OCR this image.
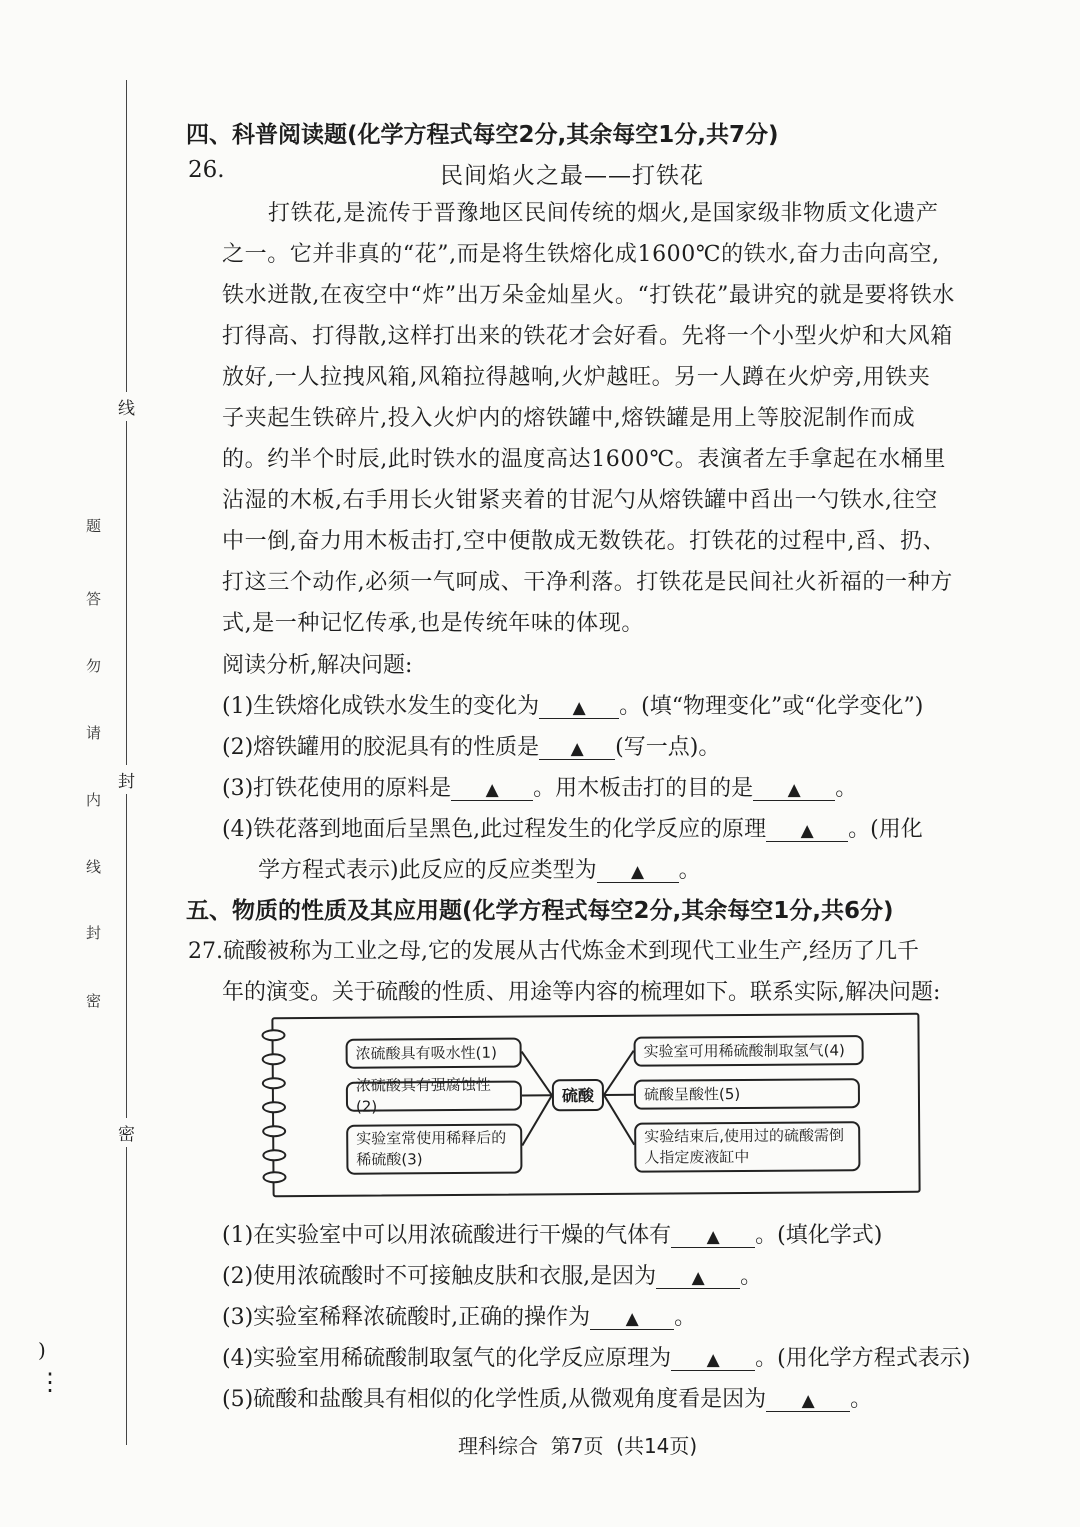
密
封
线
内
请
勿
答
题
线
封
密
)
⋮
四、科普阅读题(化学方程式每空2分,其余每空1分,共7分)
26.	民间焰火之最——打铁花
打铁花,是流传于晋豫地区民间传统的烟火,是国家级非物质文化遗产
之一。它并非真的“花”,而是将生铁熔化成1600℃的铁水,奋力击向高空,
铁水迸散,在夜空中“炸”出万朵金灿星火。“打铁花”最讲究的就是要将铁水
打得高、打得散,这样打出来的铁花才会好看。先将一个小型火炉和大风箱
放好,一人拉拽风箱,风箱拉得越响,火炉越旺。另一人蹲在火炉旁,用铁夹
子夹起生铁碎片,投入火炉内的熔铁罐中,熔铁罐是用上等胶泥制作而成
的。约半个时辰,此时铁水的温度高达1600℃。表演者左手拿起在水桶里
沾湿的木板,右手用长火钳紧夹着的甘泥勺从熔铁罐中舀出一勺铁水,往空
中一倒,奋力用木板击打,空中便散成无数铁花。打铁花的过程中,舀、扔、
打这三个动作,必须一气呵成、干净利落。打铁花是民间社火祈福的一种方
式,是一种记忆传承,也是传统年味的体现。
阅读分析,解决问题:
(1)生铁熔化成铁水发生的变化为 ▲ 。(填“物理变化”或“化学变化”)
(2)熔铁罐用的胶泥具有的性质是 ▲ (写一点)。
(3)打铁花使用的原料是 ▲ 。用木板击打的目的是 ▲ 。
(4)铁花落到地面后呈黑色,此过程发生的化学反应的原理 ▲ 。(用化
学方程式表示)此反应的反应类型为 ▲ 。
五、物质的性质及其应用题(化学方程式每空2分,其余每空1分,共6分)
27.硫酸被称为工业之母,它的发展从古代炼金术到现代工业生产,经历了几千
年的演变。关于硫酸的性质、用途等内容的梳理如下。联系实际,解决问题:
浓硫酸具有吸水性(1)
浓硫酸具有强腐蚀性(2)
实验室常使用稀释后的
稀硫酸(3)
硫酸
实验室可用稀硫酸制取氢气(4)
硫酸呈酸性(5)
实验结束后,使用过的硫酸需倒
人指定废液缸中
(1)在实验室中可以用浓硫酸进行干燥的气体有 ▲ 。(填化学式)
(2)使用浓硫酸时不可接触皮肤和衣服,是因为 ▲ 。
(3)实验室稀释浓硫酸时,正确的操作为 ▲ 。
(4)实验室用稀硫酸制取氢气的化学反应原理为 ▲ 。(用化学方程式表示)
(5)硫酸和盐酸具有相似的化学性质,从微观角度看是因为 ▲ 。
理科综合  第7页  (共14页)
